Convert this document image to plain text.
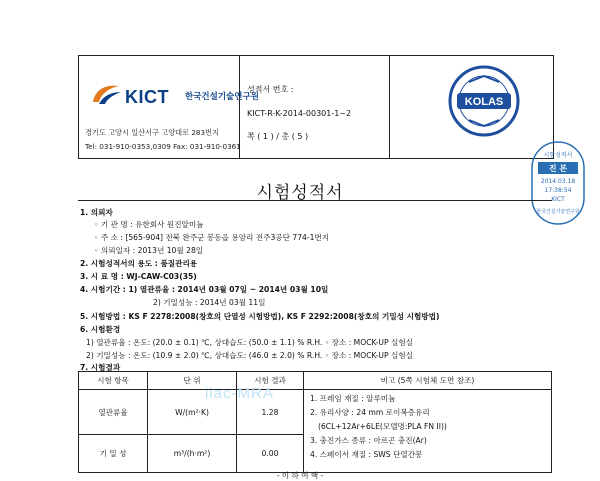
KICT 한국건설기술연구원
경기도 고양시 일산서구 고양대로 283번지
Tel: 031-910-0353,0309 Fax: 031-910-0361
성적서 번호 :
KICT-R-K-2014-00301-1~2
쪽 ( 1 ) / 총 ( 5 )
KOLAS
시험성적서
진 본
2014.03.18
17:38:54
KICT
한국건설기술연구원
시험성적서
1. 의뢰자
◦ 기 관 명 : 유한회사 원진알미늄
◦ 주 소 : [565-904] 전북 완주군 봉동읍 용암리 전주3공단 774-1번지
◦ 의뢰일자 : 2013년 10월 28일
2. 시험성적서의 용도 : 품질관리용
3. 시 료 명 : WJ-CAW-C03(35)
4. 시험기간 : 1) 열관류율 : 2014년 03월 07일 ~ 2014년 03월 10일
2) 기밀성능 : 2014년 03월 11일
5. 시험방법 : KS F 2278:2008(창호의 단열성 시험방법), KS F 2292:2008(창호의 기밀성 시험방법)
6. 시험환경
1) 열관류율 : 온도: (20.0 ± 0.1) ℃, 상대습도: (50.0 ± 1.1) % R.H. ◦ 장소 : MOCK-UP 실험실
2) 기밀성능 : 온도: (10.9 ± 2.0) ℃, 상대습도: (46.0 ± 2.0) % R.H. ◦ 장소 : MOCK-UP 실험실
7. 시험결과
시험 항목	단 위	시험 결과	비고 (5쪽 시험체 도면 참조)
열관류율	W/(m²·K)	1.28	1. 프레임 재질 : 알루미늄
2. 유리사양 : 24 mm 로이복층유리
(6CL+12Ar+6LE(모델명:PLA FN II))
3. 충진가스 종류 : 아르곤 충진(Ar)
4. 스페이서 재질 : SWS 단열간봉

기 밀 성	m³/(h·m²)	0.00	
iiac-MRA
- 이 하 여 백 -
